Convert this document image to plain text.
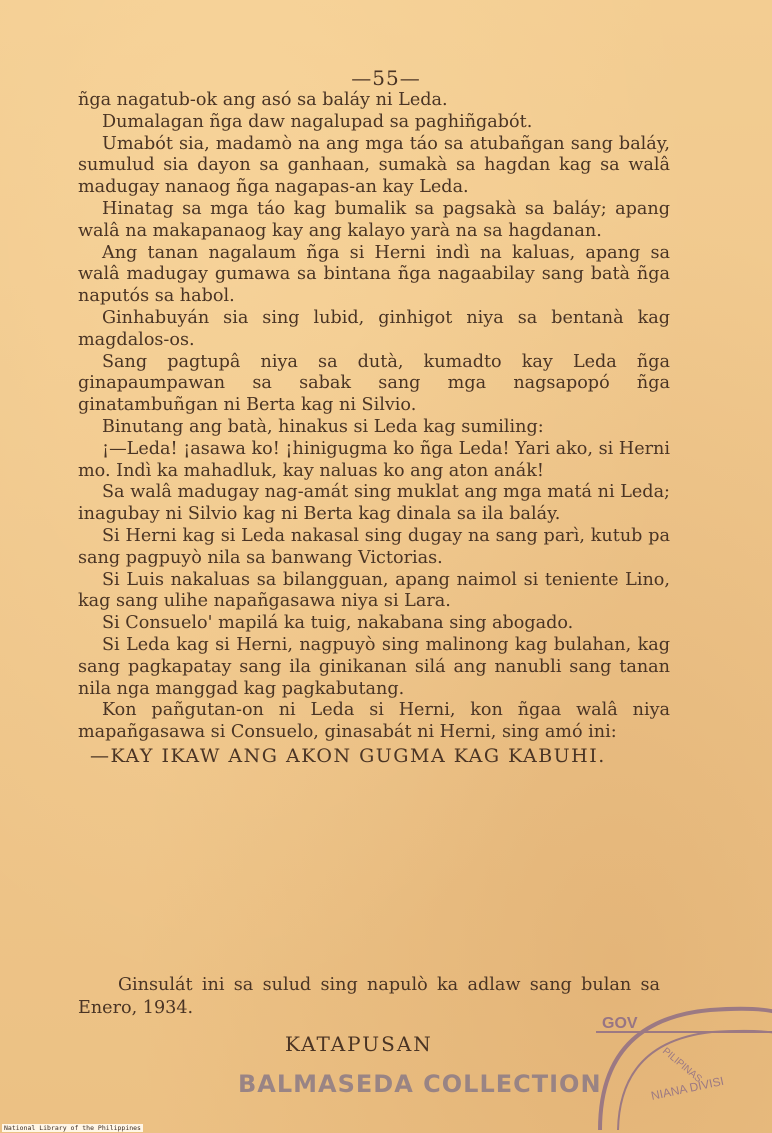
—55—

ñga nagatub-ok ang asó sa baláy ni Leda.

Dumalagan ñga daw nagalupad sa paghiñgabót.

Umabót sia, madamò na ang mga táo sa atubañgan sang baláy, sumulud sia dayon sa ganhaan, sumakà sa hagdan kag sa walâ madugay nanaog ñga nagapas-an kay Leda.

Hinatag sa mga táo kag bumalik sa pagsakà sa baláy; apang walâ na makapanaog kay ang kalayo yarà na sa hagdanan.

Ang tanan nagalaum ñga si Herni indì na kaluas, apang sa walâ madugay gumawa sa bintana ñga nagaabilay sang batà ñga naputós sa habol.

Ginhabuyán sia sing lubid, ginhigot niya sa bentanà kag magdalos-os.

Sang pagtupâ niya sa dutà, kumadto kay Leda ñga ginapaumpawan sa sabak sang mga nagsapopó ñga ginatambuñgan ni Berta kag ni Silvio.

Binutang ang batà, hinakus si Leda kag sumiling:

¡—Leda! ¡asawa ko! ¡hinigugma ko ñga Leda! Yari ako, si Herni mo. Indì ka mahadluk, kay naluas ko ang aton anák!

Sa walâ madugay nag-amát sing muklat ang mga matá ni Leda; inagubay ni Silvio kag ni Berta kag dinala sa ila baláy.

Si Herni kag si Leda nakasal sing dugay na sang parì, kutub pa sang pagpuyò nila sa banwang Victorias.

Si Luis nakaluas sa bilangguan, apang naimol si teniente Lino, kag sang ulihe napañgasawa niya si Lara.

Si Consuelo' mapilá ka tuig, nakabana sing abogado.

Si Leda kag si Herni, nagpuyò sing malinong kag bulahan, kag sang pagkapatay sang ila ginikanan silá ang nanubli sang tanan nila nga manggad kag pagkabutang.

Kon pañgutan-on ni Leda si Herni, kon ñgaa walâ niya mapañgasawa si Consuelo, ginasabát ni Herni, sing amó ini:

—KAY IKAW ANG AKON GUGMA KAG KABUHI.

Ginsulát ini sa sulud sing napulò ka adlaw sang bulan sa Enero, 1934.

KATAPUSAN
BALMASEDA COLLECTION
GOV
PILIPINAS
NIANA DIVISI
National Library of the Philippines
